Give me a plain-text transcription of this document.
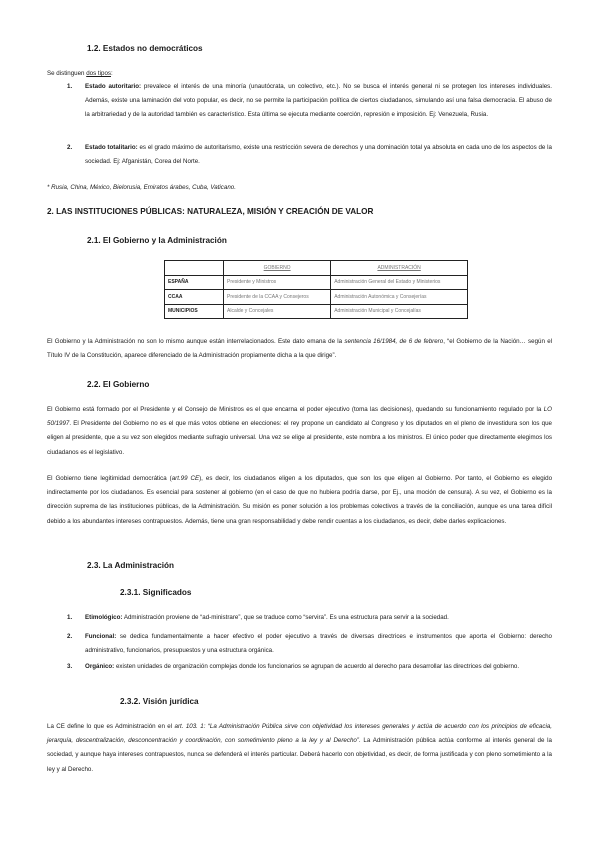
1.2. Estados no democráticos
Se distinguen dos tipos:
1. Estado autoritario: prevalece el interés de una minoría (unautócrata, un colectivo, etc.). No se busca el interés general ni se protegen los intereses individuales. Además, existe una laminación del voto popular, es decir, no se permite la participación política de ciertos ciudadanos, simulando así una falsa democracia. El abuso de la arbitrariedad y de la autoridad también es característico. Esta última se ejecuta mediante coerción, represión e imposición. Ej: Venezuela, Rusia.
2. Estado totalitario: es el grado máximo de autoritarismo, existe una restricción severa de derechos y una dominación total ya absoluta en cada uno de los aspectos de la sociedad. Ej: Afganistán, Corea del Norte.
* Rusia, China, México, Bielorusia, Emiratos árabes, Cuba, Vaticano.
2. LAS INSTITUCIONES PÚBLICAS: NATURALEZA, MISIÓN Y CREACIÓN DE VALOR
2.1. El Gobierno y la Administración
	GOBIERNO	ADMINISTRACIÓN
ESPAÑA	Presidente y Ministros	Administración General del Estado y Ministerios
CCAA	Presidente de la CCAA y Consejeros	Administración Autonómica y Consejerías
MUNICIPIOS	Alcalde y Concejales	Administración Municipal y Concejalías
El Gobierno y la Administración no son lo mismo aunque están interrelacionados. Este dato emana de la sentencia 16/1984, de 6 de febrero, “el Gobierno de la Nación… según el Título IV de la Constitución, aparece diferenciado de la Administración propiamente dicha a la que dirige”.
2.2. El Gobierno
El Gobierno está formado por el Presidente y el Consejo de Ministros es el que encarna el poder ejecutivo (toma las decisiones), quedando su funcionamiento regulado por la LO 50/1997. El Presidente del Gobierno no es el que más votos obtiene en elecciones: el rey propone un candidato al Congreso y los diputados en el pleno de investidura son los que eligen al presidente, que a su vez son elegidos mediante sufragio universal. Una vez se elige al presidente, este nombra a los ministros. El único poder que directamente elegimos los ciudadanos es el legislativo.
El Gobierno tiene legitimidad democrática (art.99 CE), es decir, los ciudadanos eligen a los diputados, que son los que eligen al Gobierno. Por tanto, el Gobierno es elegido indirectamente por los ciudadanos. Es esencial para sostener al gobierno (en el caso de que no hubiera podría darse, por Ej., una moción de censura). A su vez, el Gobierno es la dirección suprema de las instituciones públicas, de la Administración. Su misión es poner solución a los problemas colectivos a través de la conciliación, aunque es una tarea difícil debido a los abundantes intereses contrapuestos. Además, tiene una gran responsabilidad y debe rendir cuentas a los ciudadanos, es decir, debe darles explicaciones.
2.3. La Administración
2.3.1. Significados
1. Etimológico: Administración proviene de “ad-ministrare”, que se traduce como “servira”. Es una estructura para servir a la sociedad.
2. Funcional: se dedica fundamentalmente a hacer efectivo el poder ejecutivo a través de diversas directrices e instrumentos que aporta el Gobierno: derecho administrativo, funcionarios, presupuestos y una estructura orgánica.
3. Orgánico: existen unidades de organización complejas donde los funcionarios se agrupan de acuerdo al derecho para desarrollar las directrices del gobierno.
2.3.2. Visión jurídica
La CE define lo que es Administración en el art. 103. 1: “La Administración Pública sirve con objetividad los intereses generales y actúa de acuerdo con los principios de eficacia, jerarquía, descentralización, desconcentración y coordinación, con sometimiento pleno a la ley y al Derecho”. La Administración pública actúa conforme al interés general de la sociedad, y aunque haya intereses contrapuestos, nunca se defenderá el interés particular. Deberá hacerlo con objetividad, es decir, de forma justificada y con pleno sometimiento a la ley y al Derecho.
